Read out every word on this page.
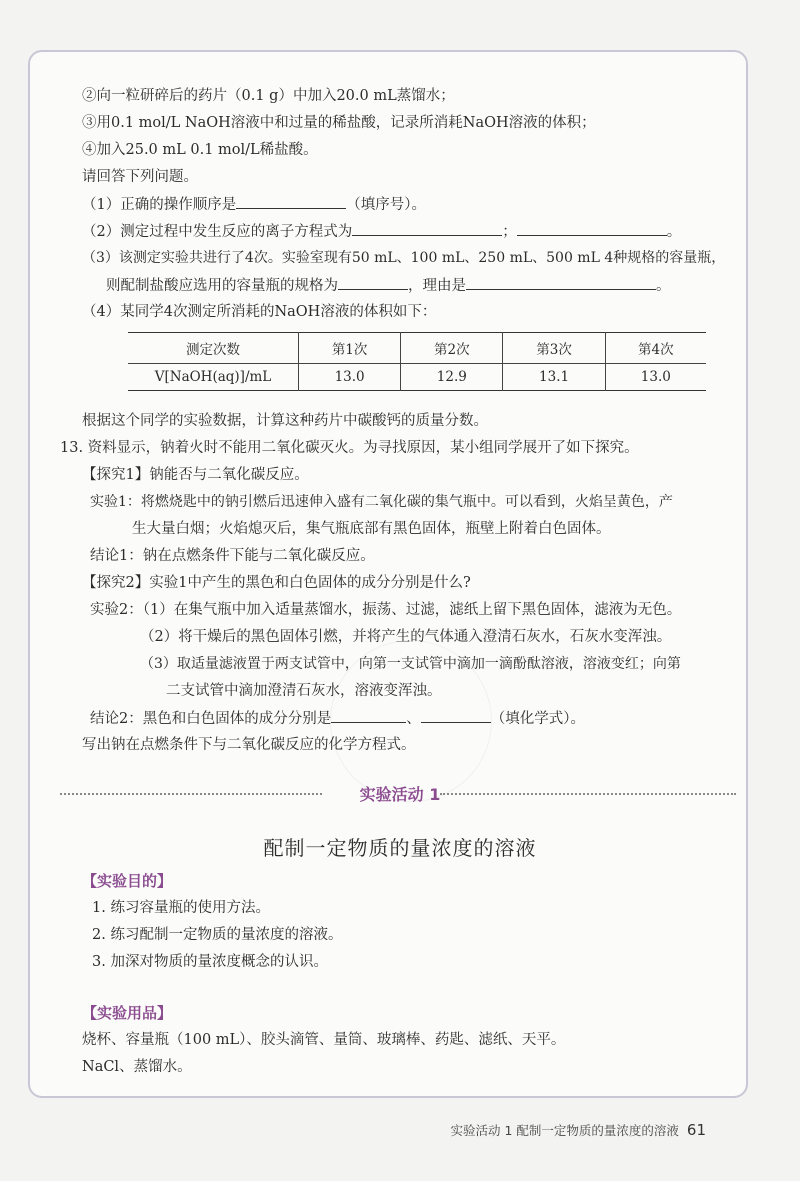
②向一粒研碎后的药片（0.1 g）中加入20.0 mL蒸馏水；
③用0.1 mol/L NaOH溶液中和过量的稀盐酸，记录所消耗NaOH溶液的体积；
④加入25.0 mL 0.1 mol/L稀盐酸。
请回答下列问题。
（1）正确的操作顺序是	（填序号）。
（2）测定过程中发生反应的离子方程式为	；	。
（3）该测定实验共进行了4次。实验室现有50 mL、100 mL、250 mL、500 mL 4种规格的容量瓶，
则配制盐酸应选用的容量瓶的规格为	，理由是	。
（4）某同学4次测定所消耗的NaOH溶液的体积如下：
测定次数	第1次	第2次	第3次	第4次
V[NaOH(aq)]/mL	13.0	12.9	13.1	13.0
根据这个同学的实验数据，计算这种药片中碳酸钙的质量分数。
13. 资料显示，钠着火时不能用二氧化碳灭火。为寻找原因，某小组同学展开了如下探究。
【探究1】钠能否与二氧化碳反应。
实验1：将燃烧匙中的钠引燃后迅速伸入盛有二氧化碳的集气瓶中。可以看到，火焰呈黄色，产
生大量白烟；火焰熄灭后，集气瓶底部有黑色固体，瓶壁上附着白色固体。
结论1：钠在点燃条件下能与二氧化碳反应。
【探究2】实验1中产生的黑色和白色固体的成分分别是什么?
实验2：（1）在集气瓶中加入适量蒸馏水，振荡、过滤，滤纸上留下黑色固体，滤液为无色。
（2）将干燥后的黑色固体引燃，并将产生的气体通入澄清石灰水，石灰水变浑浊。
（3）取适量滤液置于两支试管中，向第一支试管中滴加一滴酚酞溶液，溶液变红；向第
二支试管中滴加澄清石灰水，溶液变浑浊。
结论2：黑色和白色固体的成分分别是	、	（填化学式）。
写出钠在点燃条件下与二氧化碳反应的化学方程式。
实验活动 1
配制一定物质的量浓度的溶液
【实验目的】
1. 练习容量瓶的使用方法。
2. 练习配制一定物质的量浓度的溶液。
3. 加深对物质的量浓度概念的认识。
【实验用品】
烧杯、容量瓶（100 mL）、胶头滴管、量筒、玻璃棒、药匙、滤纸、天平。
NaCl、蒸馏水。
实验活动 1 配制一定物质的量浓度的溶液 61
